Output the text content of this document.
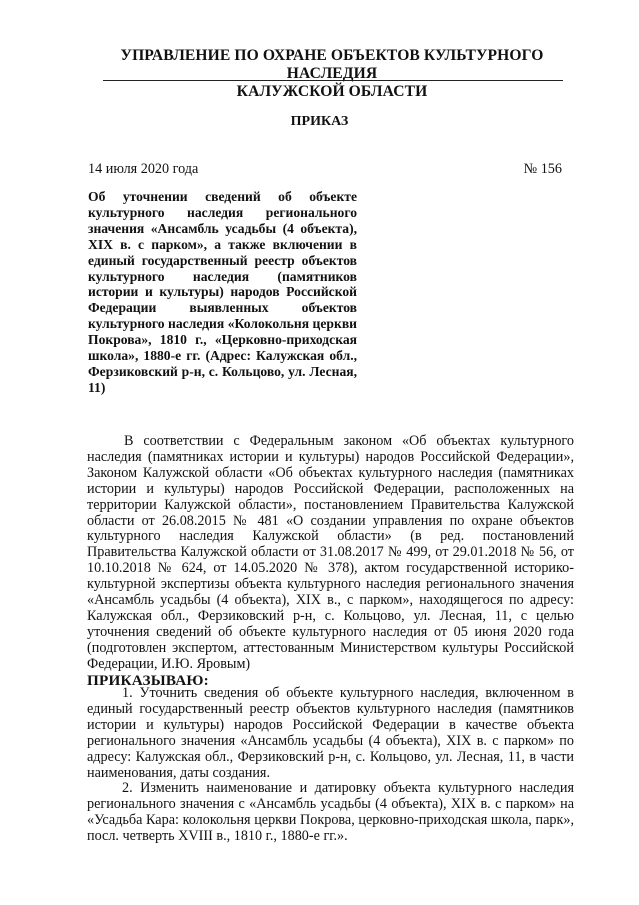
УПРАВЛЕНИЕ ПО ОХРАНЕ ОБЪЕКТОВ КУЛЬТУРНОГО НАСЛЕДИЯ
КАЛУЖСКОЙ ОБЛАСТИ
ПРИКАЗ
14 июля 2020 года	№ 156
Об уточнении сведений об объекте культурного наследия регионального значения «Ансамбль усадьбы (4 объекта), XIX в. с парком», а также включении в единый государственный реестр объектов культурного наследия (памятников истории и культуры) народов Российской Федерации выявленных объектов культурного наследия «Колокольня церкви Покрова», 1810 г., «Церковно-приходская школа», 1880-е гг. (Адрес: Калужская обл., Ферзиковский р-н, с. Кольцово, ул. Лесная, 11)

В соответствии с Федеральным законом «Об объектах культурного наследия (памятниках истории и культуры) народов Российской Федерации», Законом Калужской области «Об объектах культурного наследия (памятниках истории и культуры) народов Российской Федерации, расположенных на территории Калужской области», постановлением Правительства Калужской области от 26.08.2015 № 481 «О создании управления по охране объектов культурного наследия Калужской области» (в ред. постановлений Правительства Калужской области от 31.08.2017 № 499, от 29.01.2018 № 56, от 10.10.2018 № 624, от 14.05.2020 № 378), актом государственной историко-культурной экспертизы объекта культурного наследия регионального значения «Ансамбль усадьбы (4 объекта), XIX в., с парком», находящегося по адресу: Калужская обл., Ферзиковский р-н, с. Кольцово, ул. Лесная, 11, с целью уточнения сведений об объекте культурного наследия от 05 июня 2020 года (подготовлен экспертом, аттестованным Министерством культуры Российской Федерации, И.Ю. Яровым)

ПРИКАЗЫВАЮ:

1. Уточнить сведения об объекте культурного наследия, включенном в единый государственный реестр объектов культурного наследия (памятников истории и культуры) народов Российской Федерации в качестве объекта регионального значения «Ансамбль усадьбы (4 объекта), XIX в. с парком» по адресу: Калужская обл., Ферзиковский р-н, с. Кольцово, ул. Лесная, 11, в части наименования, даты создания.

2. Изменить наименование и датировку объекта культурного наследия регионального значения с «Ансамбль усадьбы (4 объекта), XIX в. с парком» на «Усадьба Кара: колокольня церкви Покрова, церковно-приходская школа, парк», посл. четверть XVIII в., 1810 г., 1880-е гг.».
